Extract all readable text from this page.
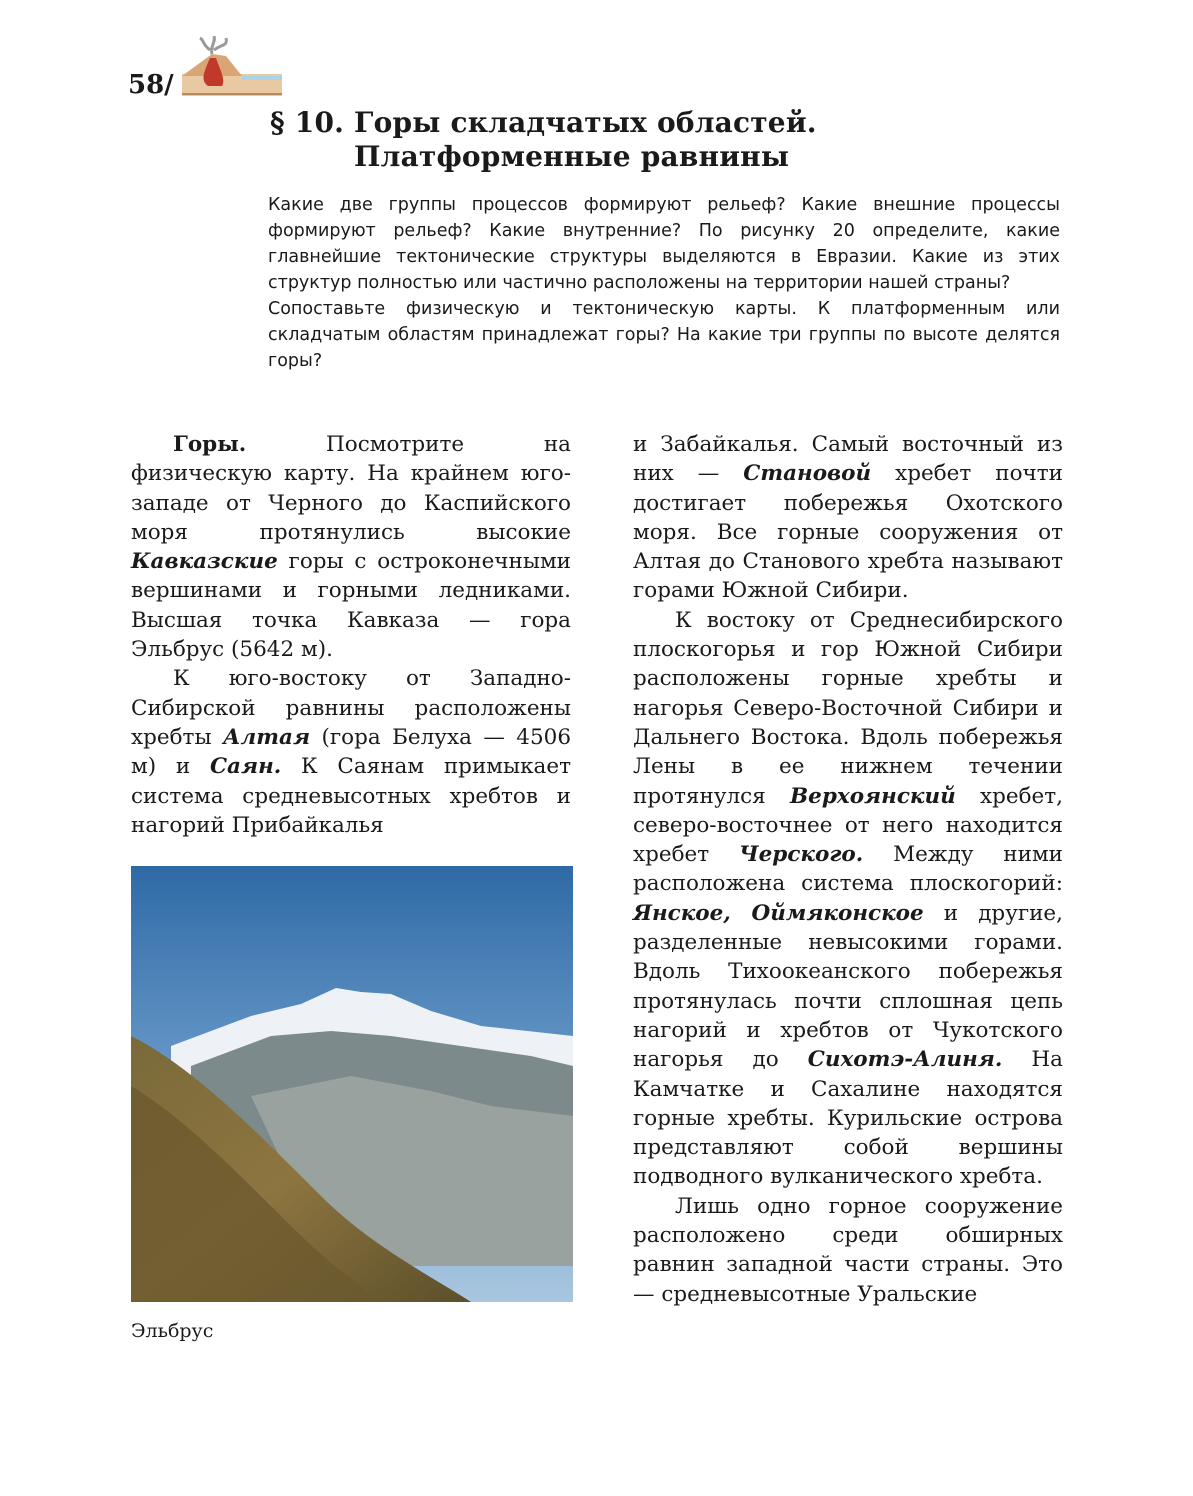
58/
§ 10. Горы складчатых областей.
Платформенные равнины

Какие две группы процессов формируют рельеф? Какие внешние процессы формируют рельеф? Какие внутренние? По рисунку 20 определите, какие главнейшие тектонические структуры выделяются в Евразии. Какие из этих структур полностью или частично расположены на территории нашей страны?

Сопоставьте физическую и тектоническую карты. К платформенным или складчатым областям принадлежат горы? На какие три группы по высоте делятся горы?

Горы. Посмотрите на физическую карту. На крайнем юго-западе от Черного до Каспийского моря протянулись высокие Кавказские горы с остроконечными вершинами и горными ледниками. Высшая точка Кавказа — гора Эльбрус (5642 м).

К юго-востоку от Западно-Сибирской равнины расположены хребты Алтая (гора Белуха — 4506 м) и Саян. К Саянам примыкает система средневысотных хребтов и нагорий Прибайкалья

Эльбрус

и Забайкалья. Самый восточный из них — Становой хребет почти достигает побережья Охотского моря. Все горные сооружения от Алтая до Станового хребта называют горами Южной Сибири.

К востоку от Среднесибирского плоскогорья и гор Южной Сибири расположены горные хребты и нагорья Северо-Восточной Сибири и Дальнего Востока. Вдоль побережья Лены в ее нижнем течении протянулся Верхоянский хребет, северо-восточнее от него находится хребет Черского. Между ними расположена система плоскогорий: Янское, Оймяконское и другие, разделенные невысокими горами. Вдоль Тихоокеанского побережья протянулась почти сплошная цепь нагорий и хребтов от Чукотского нагорья до Сихотэ-Алиня. На Камчатке и Сахалине находятся горные хребты. Курильские острова представляют собой вершины подводного вулканического хребта.

Лишь одно горное сооружение расположено среди обширных равнин западной части страны. Это — средневысотные Уральские
